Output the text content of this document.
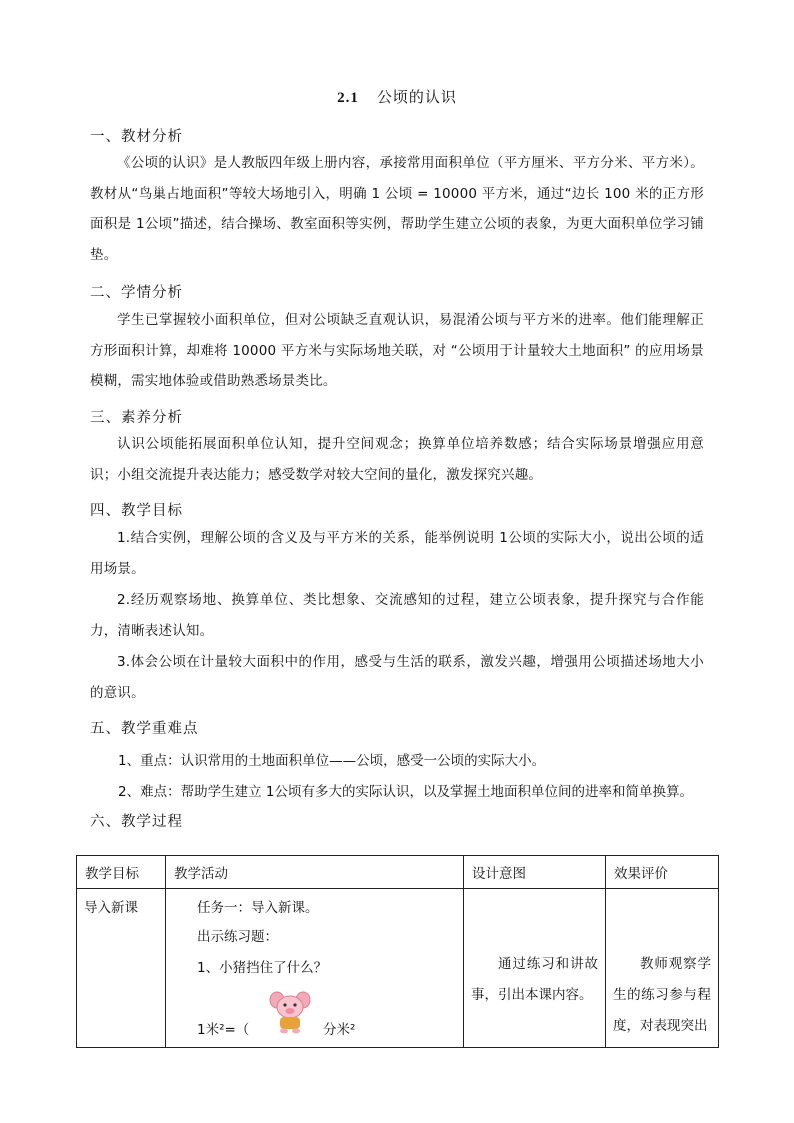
2.1 公顷的认识
一、教材分析
《公顷的认识》是人教版四年级上册内容，承接常用面积单位（平方厘米、平方分米、平方米）。教材从“鸟巢占地面积”等较大场地引入，明确 1 公顷 = 10000 平方米，通过“边长 100 米的正方形面积是 1公顷”描述，结合操场、教室面积等实例，帮助学生建立公顷的表象，为更大面积单位学习铺垫。
二、学情分析
学生已掌握较小面积单位，但对公顷缺乏直观认识，易混淆公顷与平方米的进率。他们能理解正方形面积计算，却难将 10000 平方米与实际场地关联，对 “公顷用于计量较大土地面积” 的应用场景模糊，需实地体验或借助熟悉场景类比。
三、素养分析
认识公顷能拓展面积单位认知，提升空间观念；换算单位培养数感；结合实际场景增强应用意识；小组交流提升表达能力；感受数学对较大空间的量化，激发探究兴趣。
四、教学目标
1.结合实例，理解公顷的含义及与平方米的关系，能举例说明 1公顷的实际大小，说出公顷的适用场景。
2.经历观察场地、换算单位、类比想象、交流感知的过程，建立公顷表象，提升探究与合作能力，清晰表述认知。
3.体会公顷在计量较大面积中的作用，感受与生活的联系，激发兴趣，增强用公顷描述场地大小的意识。
五、教学重难点
1、重点：认识常用的土地面积单位——公顷，感受一公顷的实际大小。
2、难点：帮助学生建立 1公顷有多大的实际认识，以及掌握土地面积单位间的进率和简单换算。
六、教学过程
教学目标	教学活动	设计意图	效果评价

导入新课	任务一：导入新课。
出示练习题：
1、小猪挡住了什么？
1米²=（ 分米²	通过练习和讲故事，引出本课内容。	教师观察学生的练习参与程度，对表现突出
